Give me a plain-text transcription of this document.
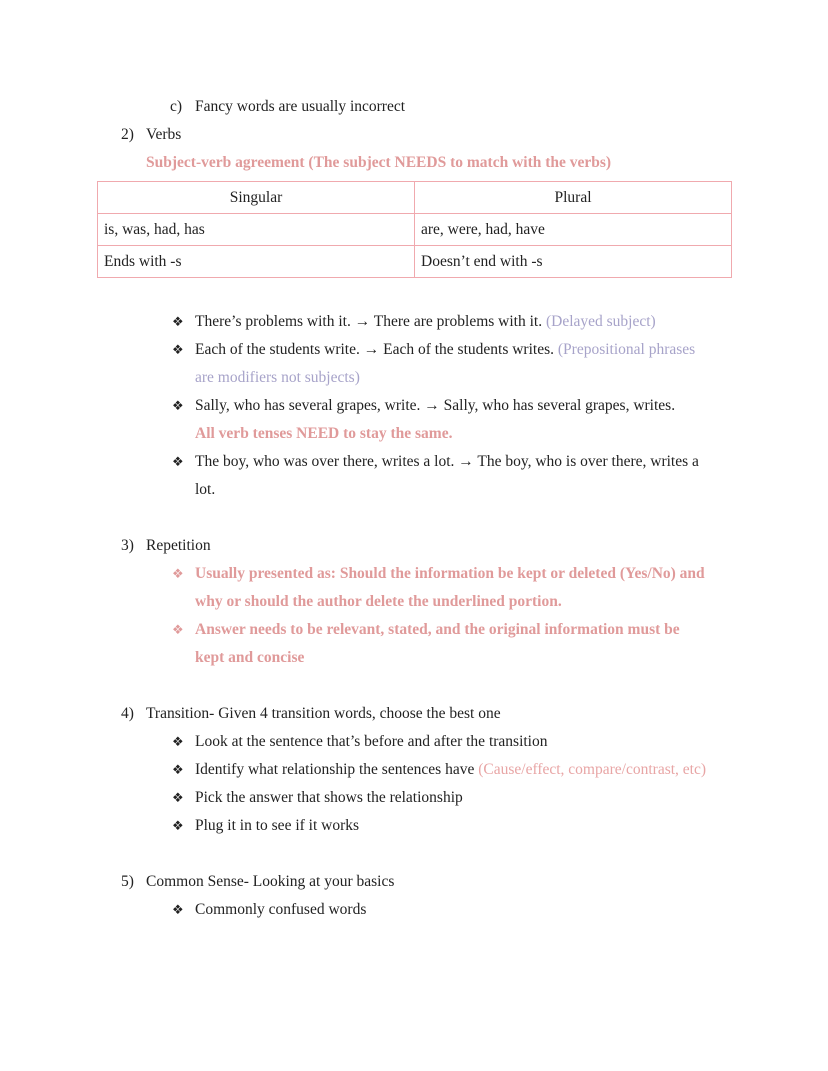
c) Fancy words are usually incorrect
2) Verbs
Subject-verb agreement (The subject NEEDS to match with the verbs)
Singular	Plural
is, was, had, has	are, were, had, have
Ends with -s	Doesn’t end with -s
❖ There’s problems with it. → There are problems with it. (Delayed subject)
❖ Each of the students write. → Each of the students writes. (Prepositional phrases
are modifiers not subjects)
❖ Sally, who has several grapes, write. → Sally, who has several grapes, writes.
All verb tenses NEED to stay the same.
❖ The boy, who was over there, writes a lot. → The boy, who is over there, writes a
lot.
3) Repetition
❖ Usually presented as: Should the information be kept or deleted (Yes/No) and
why or should the author delete the underlined portion.
❖ Answer needs to be relevant, stated, and the original information must be
kept and concise
4) Transition- Given 4 transition words, choose the best one
❖ Look at the sentence that’s before and after the transition
❖ Identify what relationship the sentences have (Cause/effect, compare/contrast, etc)
❖ Pick the answer that shows the relationship
❖ Plug it in to see if it works
5) Common Sense- Looking at your basics
❖ Commonly confused words
